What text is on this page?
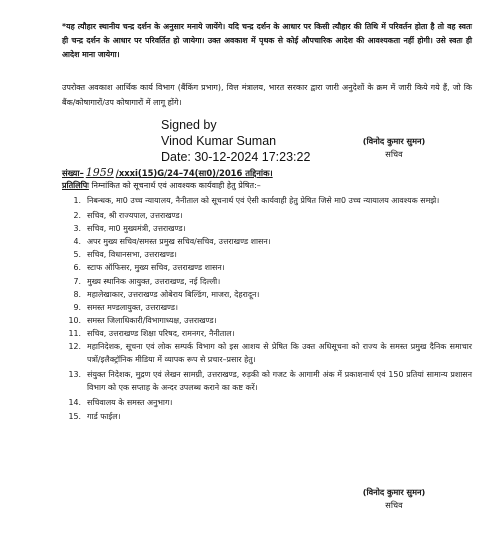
*यह त्यौहार स्थानीय चन्द्र दर्शन के अनुसार मनाये जायेंगे। यदि चन्द्र दर्शन के आधार पर किसी त्यौहार की तिथि में परिवर्तन होता है तो वह स्वतः ही चन्द्र दर्शन के आधार पर परिवर्तित हो जायेगा। उक्त अवकाश में पृथक से कोई औपचारिक आदेश की आवश्यकता नहीं होगी। उसे स्वतः ही आदेश माना जायेगा।
उपरोक्त अवकाश आर्थिक कार्य विभाग (बैंकिंग प्रभाग), वित्त मंत्रालय, भारत सरकार द्वारा जारी अनुदेशों के क्रम में जारी किये गये हैं, जो कि बैंक/कोषागारों/उप कोषागारों में लागू होंगे।
Signed by
Vinod Kumar Suman
Date: 30-12-2024 17:23:22
(विनोद कुमार सुमन)
सचिव
संख्या– 1959 /xxxi(15)G/24–74(सा0)/2016 तद्दिनांक।
प्रतिलिपिः निम्नांकित को सूचनार्थ एवं आवश्यक कार्यवाही हेतु प्रेषित:–
1. निबन्धक, मा0 उच्च न्यायालय, नैनीताल को सूचनार्थ एवं ऐसी कार्यवाही हेतु प्रेषित जिसे मा0 उच्च न्यायालय आवश्यक समझे।
2. सचिव, श्री राज्यपाल, उत्तराखण्ड।
3. सचिव, मा0 मुख्यमंत्री, उत्तराखण्ड।
4. अपर मुख्य सचिव/समस्त प्रमुख सचिव/सचिव, उत्तराखण्ड शासन।
5. सचिव, विधानसभा, उत्तराखण्ड।
6. स्टाफ ऑफिसर, मुख्य सचिव, उत्तराखण्ड शासन।
7. मुख्य स्थानिक आयुक्त, उत्तराखण्ड, नई दिल्ली।
8. महालेखाकार, उत्तराखण्ड ओबेराय बिल्डिंग, माजरा, देहरादून।
9. समस्त मण्डलायुक्त, उत्तराखण्ड।
10. समस्त जिलाधिकारी/विभागाध्यक्ष, उत्तराखण्ड।
11. सचिव, उत्तराखण्ड शिक्षा परिषद, रामनगर, नैनीताल।
12. महानिदेशक, सूचना एवं लोक सम्पर्क विभाग को इस आशय से प्रेषित कि उक्त अधिसूचना को राज्य के समस्त प्रमुख दैनिक समाचार पत्रों/इलैक्ट्रॉनिक मीडिया में व्यापक रूप से प्रचार–प्रसार हेतु।
13. संयुक्त निदेशक, मुद्रण एवं लेखन सामग्री, उत्तराखण्ड, रुड़की को गजट के आगामी अंक में प्रकाशनार्थ एवं 150 प्रतियां सामान्य प्रशासन विभाग को एक सप्ताह के अन्दर उपलब्ध कराने का कष्ट करें।
14. सचिवालय के समस्त अनुभाग।
15. गार्ड फाईल।
(विनोद कुमार सुमन)
सचिव
